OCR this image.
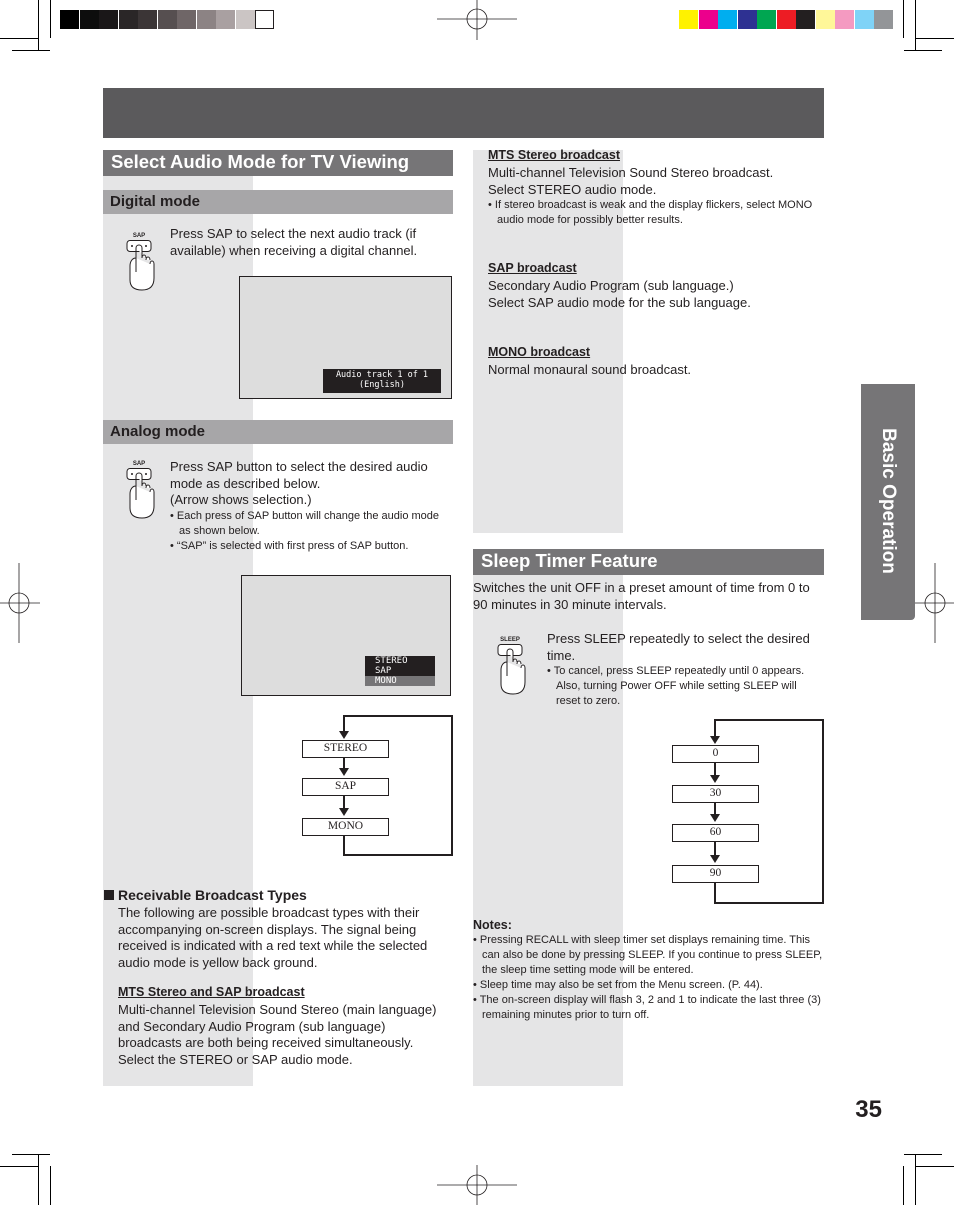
Basic Operation
Select Audio Mode for TV Viewing
Digital mode
SAP	Press SAP to select the next audio track (if available) when receiving a digital channel.
Audio track 1 of 1
(English)
Analog mode
SAP	Press SAP button to select the desired audio mode as described below.
(Arrow shows selection.)
• Each press of SAP button will change the audio mode as shown below.
• “SAP” is selected with first press of SAP button.
STEREO
SAP
MONO
STEREO
SAP
MONO
Receivable Broadcast Types
The following are possible broadcast types with their accompanying on-screen displays. The signal being received is indicated with a red text while the selected audio mode is yellow back ground.
MTS Stereo and SAP broadcast
Multi-channel Television Sound Stereo (main language) and Secondary Audio Program (sub language) broadcasts are both being received simultaneously. Select the STEREO or SAP audio mode.
MTS Stereo broadcast
Multi-channel Television Sound Stereo broadcast.
Select STEREO audio mode.
• If stereo broadcast is weak and the display flickers, select MONO audio mode for possibly better results.
SAP broadcast
Secondary Audio Program (sub language.)
Select SAP audio mode for the sub language.
MONO broadcast
Normal monaural sound broadcast.
Sleep Timer Feature
Switches the unit OFF in a preset amount of time from 0 to 90 minutes in 30 minute intervals.
SLEEP	Press SLEEP repeatedly to select the desired time.
• To cancel, press SLEEP repeatedly until 0 appears. Also, turning Power OFF while setting SLEEP will reset to zero.
0
30
60
90
Notes:
• Pressing RECALL with sleep timer set displays remaining time. This can also be done by pressing SLEEP. If you continue to press SLEEP, the sleep time setting mode will be entered.
• Sleep time may also be set from the Menu screen. (P. 44).
• The on-screen display will flash 3, 2 and 1 to indicate the last three (3) remaining minutes prior to turn off.
35
